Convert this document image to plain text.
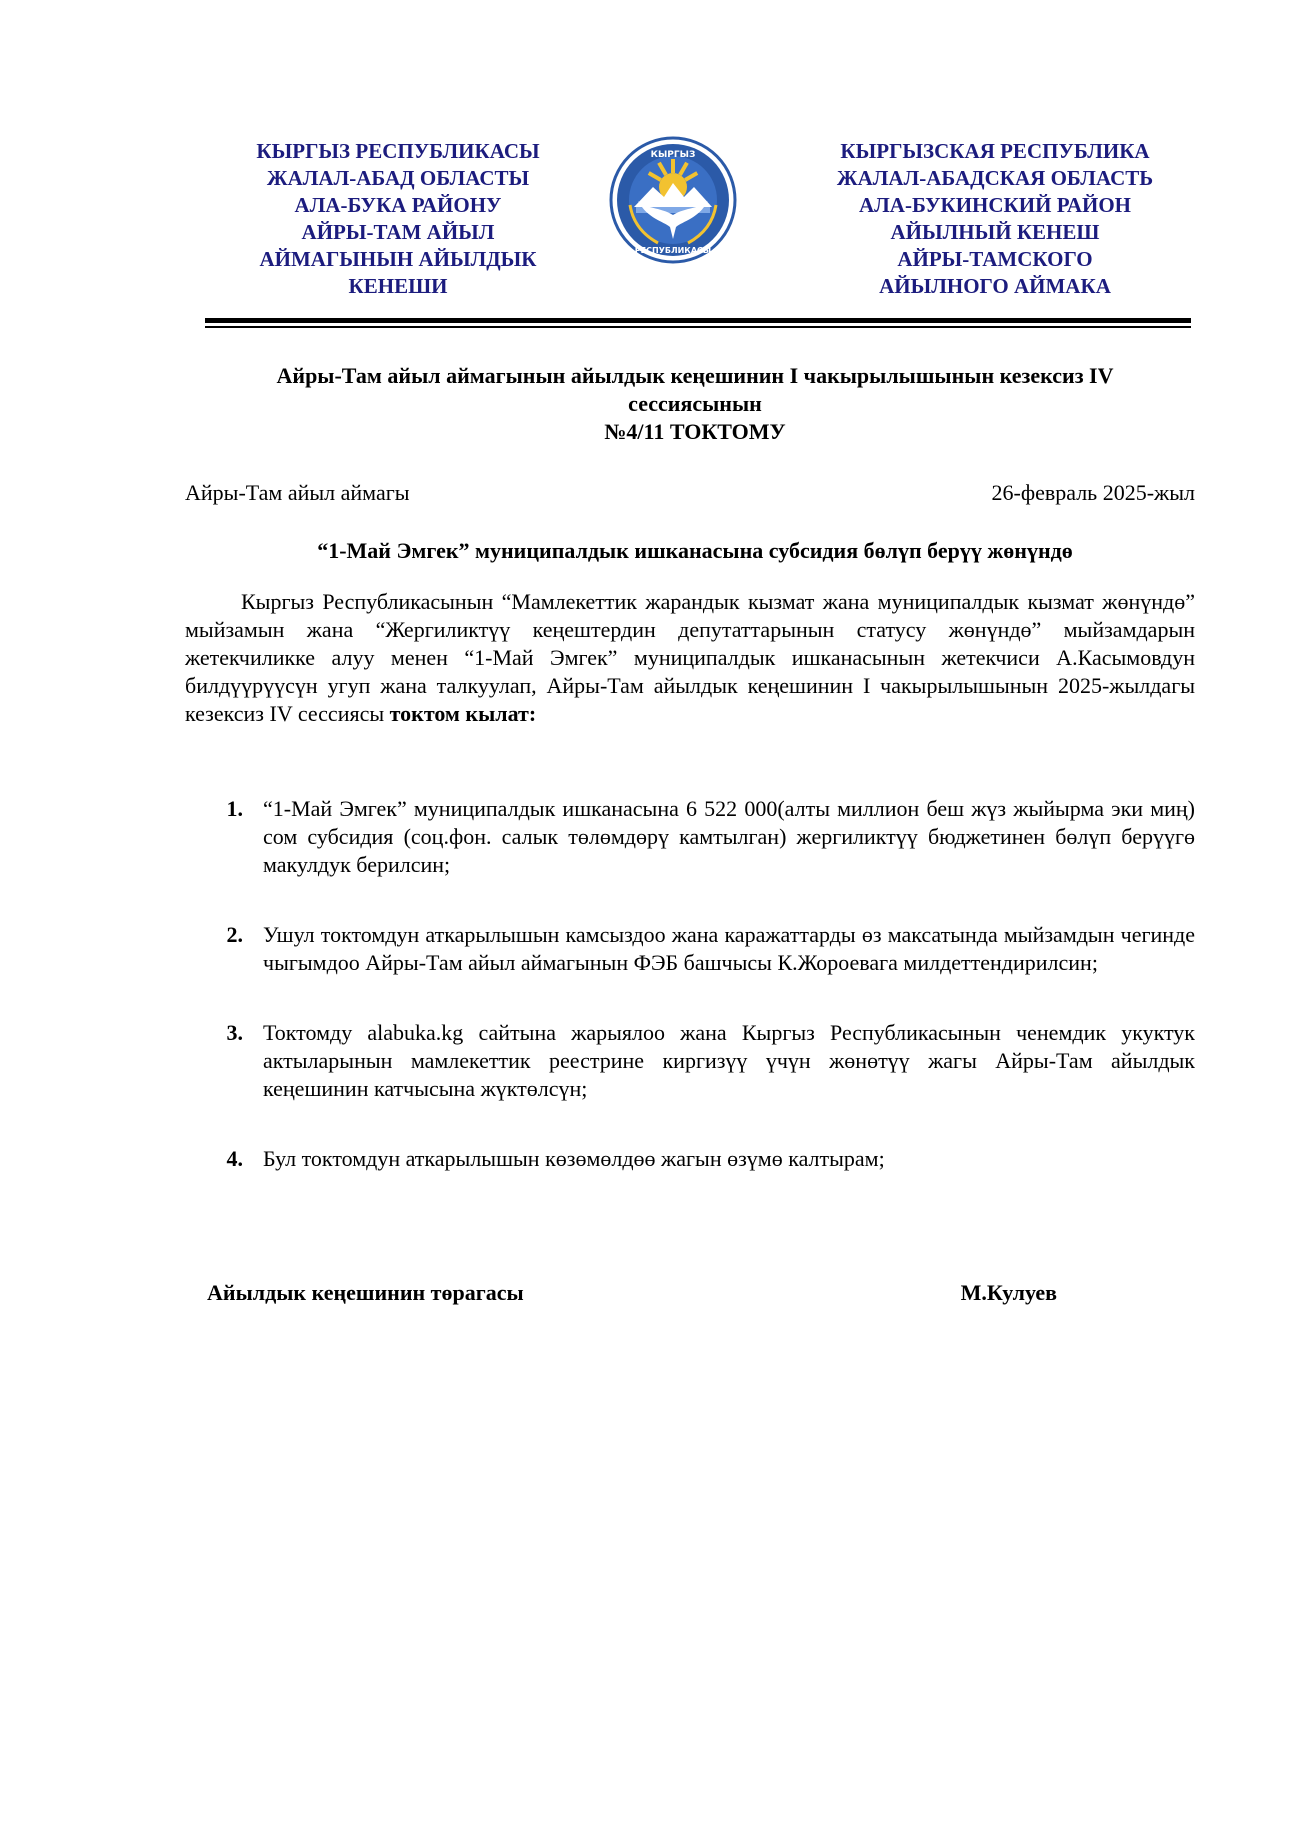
КЫРГЫЗ РЕСПУБЛИКАСЫ
ЖАЛАЛ-АБАД ОБЛАСТЫ
АЛА-БУКА РАЙОНУ
АЙРЫ-ТАМ АЙЫЛ
АЙМАГЫНЫН АЙЫЛДЫК
КЕНЕШИ
КЫРГЫЗ
РЕСПУБЛИКАСЫ
КЫРГЫЗСКАЯ РЕСПУБЛИКА
ЖАЛАЛ-АБАДСКАЯ ОБЛАСТЬ
АЛА-БУКИНСКИЙ РАЙОН
АЙЫЛНЫЙ КЕНЕШ
АЙРЫ-ТАМСКОГО
АЙЫЛНОГО АЙМАКА
Айры-Там айыл аймагынын айылдык кеңешинин I чакырылышынын кезексиз IV
сессиясынын
№4/11 ТОКТОМУ
Айры-Там айыл аймагы	26-февраль 2025-жыл
“1-Май Эмгек” муниципалдык ишканасына субсидия бөлүп берүү жөнүндө

Кыргыз Республикасынын “Мамлекеттик жарандык кызмат жана муниципалдык кызмат жөнүндө” мыйзамын жана “Жергиликтүү кеңештердин депутаттарынын статусу жөнүндө” мыйзамдарын жетекчиликке алуу менен “1-Май Эмгек” муниципалдык ишканасынын жетекчиси А.Касымовдун билдүүрүүсүн угуп жана талкуулап, Айры-Там айылдык кеңешинин I чакырылышынын 2025-жылдагы кезексиз IV сессиясы токтом кылат:

1. “1-Май Эмгек” муниципалдык ишканасына 6 522 000(алты миллион беш жүз жыйырма эки миң) сом субсидия (соц.фон. салык төлөмдөрү камтылган) жергиликтүү бюджетинен бөлүп берүүгө макулдук берилсин;
2. Ушул токтомдун аткарылышын камсыздоо жана каражаттарды өз максатында мыйзамдын чегинде чыгымдоо Айры-Там айыл аймагынын ФЭБ башчысы К.Жороевага милдеттендирилсин;
3. Токтомду alabuka.kg сайтына жарыялоо жана Кыргыз Республикасынын ченемдик укуктук актыларынын мамлекеттик реестрине киргизүү үчүн жөнөтүү жагы Айры-Там айылдык кеңешинин катчысына жүктөлсүн;
4. Бул токтомдун аткарылышын көзөмөлдөө жагын өзүмө калтырам;
Айылдык кеңешинин төрагасы	М.Кулуев
